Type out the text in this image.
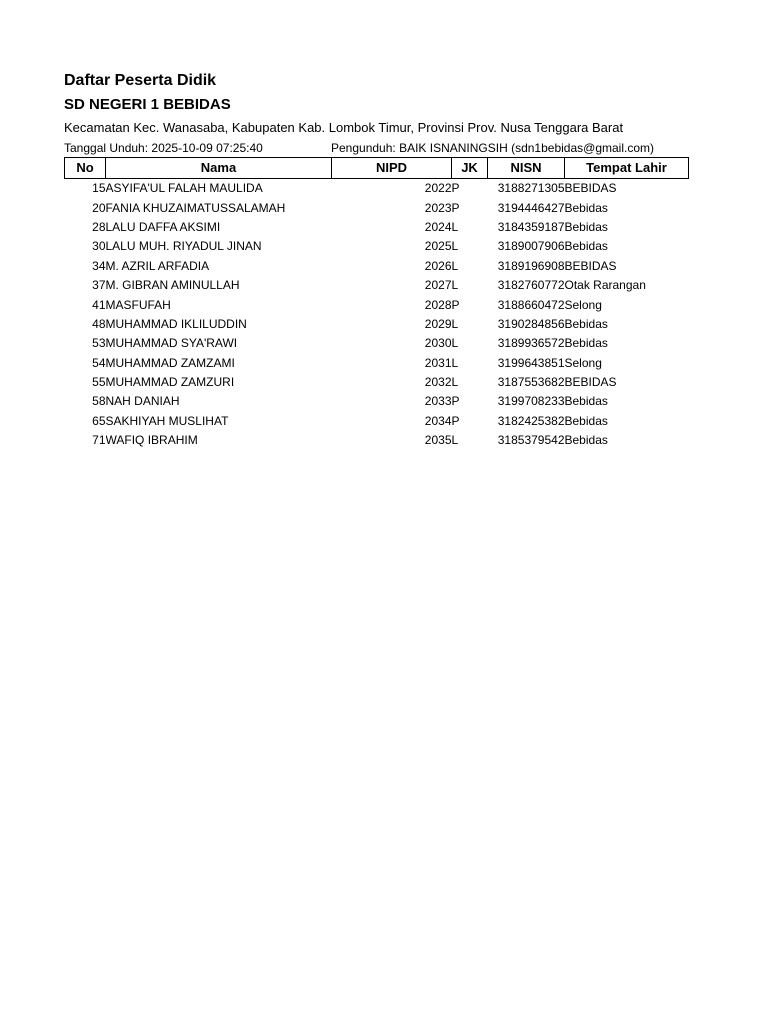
Daftar Peserta Didik
SD NEGERI 1 BEBIDAS
Kecamatan Kec. Wanasaba, Kabupaten Kab. Lombok Timur, Provinsi Prov. Nusa Tenggara Barat
Tanggal Unduh: 2025-10-09 07:25:40	Pengunduh: BAIK ISNANINGSIH (sdn1bebidas@gmail.com)
No	Nama	NIPD	JK	NISN	Tempat Lahir
15	ASYIFA'UL FALAH MAULIDA	2022	P	3188271305	BEBIDAS
20	FANIA KHUZAIMATUSSALAMAH	2023	P	3194446427	Bebidas
28	LALU DAFFA AKSIMI	2024	L	3184359187	Bebidas
30	LALU MUH. RIYADUL JINAN	2025	L	3189007906	Bebidas
34	M. AZRIL ARFADIA	2026	L	3189196908	BEBIDAS
37	M. GIBRAN AMINULLAH	2027	L	3182760772	Otak Rarangan
41	MASFUFAH	2028	P	3188660472	Selong
48	MUHAMMAD IKLILUDDIN	2029	L	3190284856	Bebidas
53	MUHAMMAD SYA'RAWI	2030	L	3189936572	Bebidas
54	MUHAMMAD ZAMZAMI	2031	L	3199643851	Selong
55	MUHAMMAD ZAMZURI	2032	L	3187553682	BEBIDAS
58	NAH DANIAH	2033	P	3199708233	Bebidas
65	SAKHIYAH MUSLIHAT	2034	P	3182425382	Bebidas
71	WAFIQ IBRAHIM	2035	L	3185379542	Bebidas
